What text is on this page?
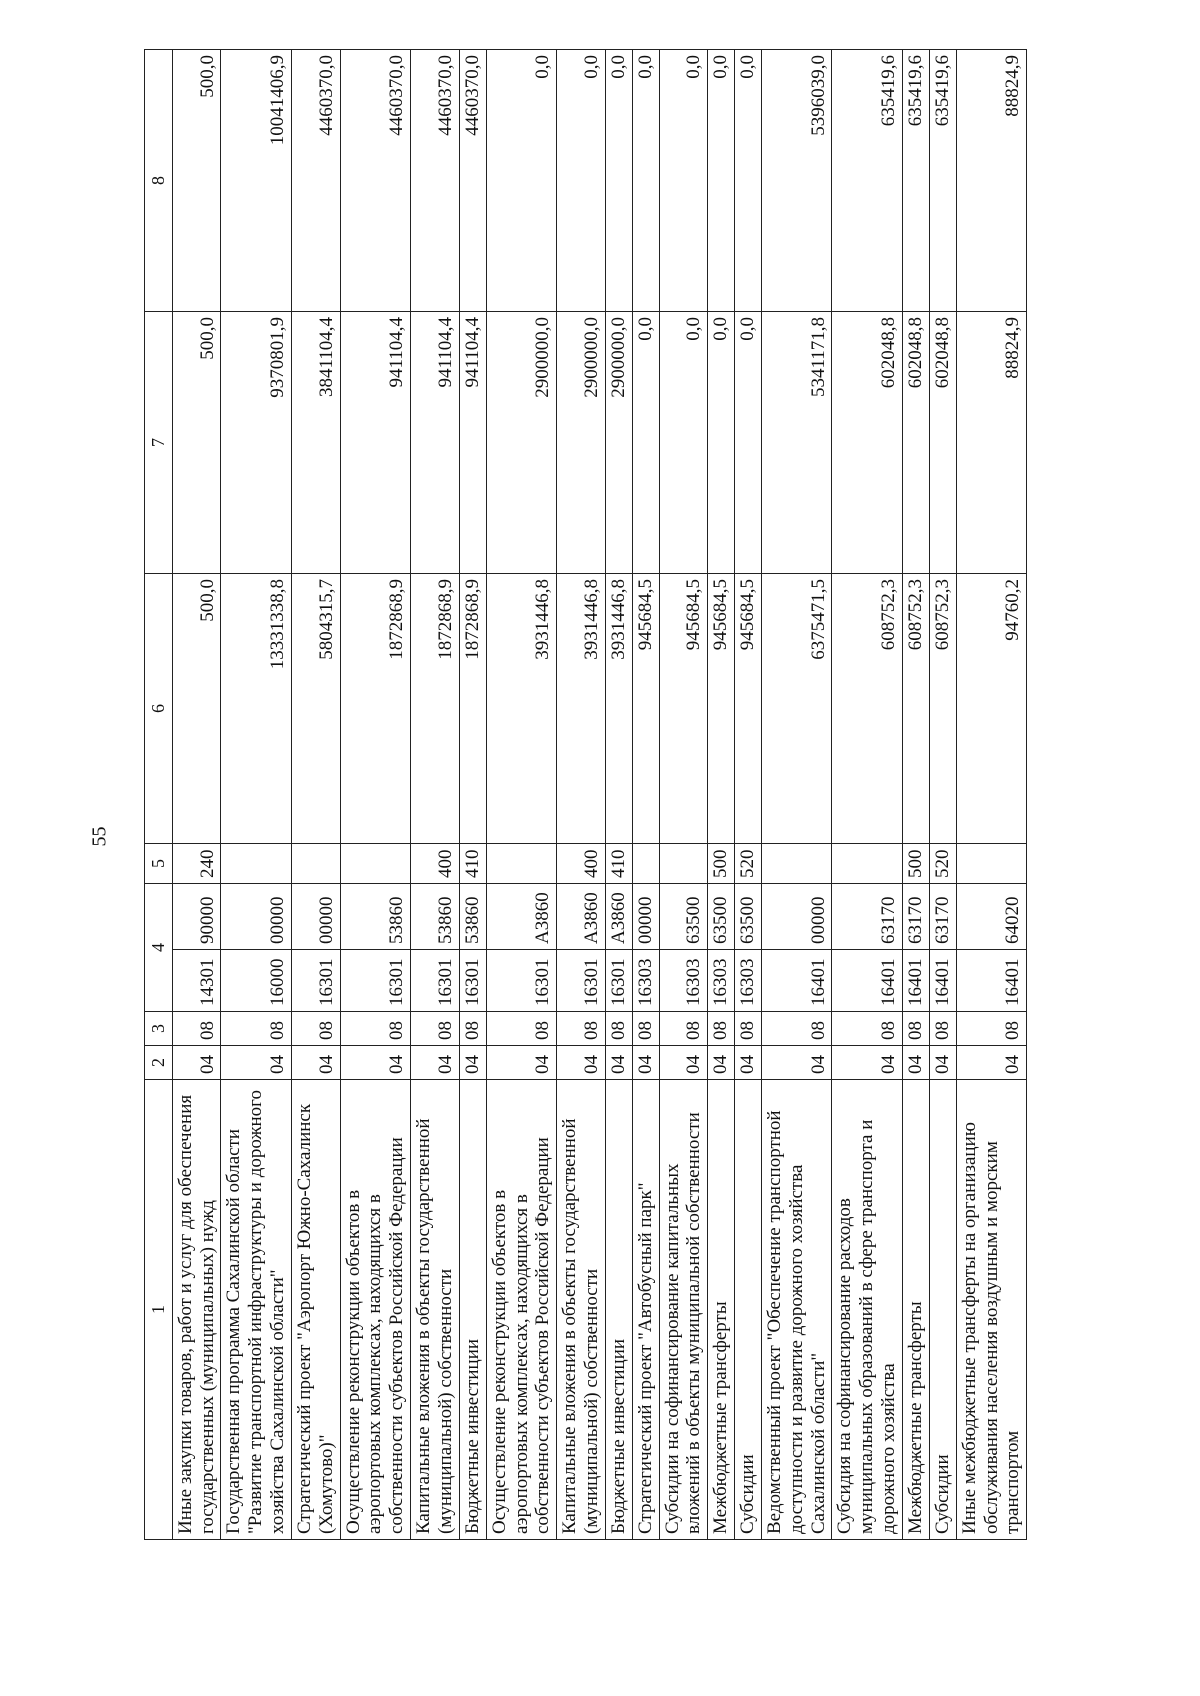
55
1	2	3	4		5	6	7	8
Иные закупки товаров, работ и услуг для обеспечения государственных (муниципальных) нужд	04	08	14301	90000	240	500,0	500,0	500,0
Государственная программа Сахалинской области "Развитие транспортной инфраструктуры и дорожного хозяйства Сахалинской области"	04	08	16000	00000		13331338,8	9370801,9	10041406,9
Стратегический проект "Аэропорт Южно-Сахалинск (Хомутово)"	04	08	16301	00000		5804315,7	3841104,4	4460370,0
Осуществление реконструкции объектов в аэропортовых комплексах, находящихся в собственности субъектов Российской Федерации	04	08	16301	53860		1872868,9	941104,4	4460370,0
Капитальные вложения в объекты государственной (муниципальной) собственности	04	08	16301	53860	400	1872868,9	941104,4	4460370,0
Бюджетные инвестиции	04	08	16301	53860	410	1872868,9	941104,4	4460370,0
Осуществление реконструкции объектов в аэропортовых комплексах, находящихся в собственности субъектов Российской Федерации	04	08	16301	А3860		3931446,8	2900000,0	0,0
Капитальные вложения в объекты государственной (муниципальной) собственности	04	08	16301	А3860	400	3931446,8	2900000,0	0,0
Бюджетные инвестиции	04	08	16301	А3860	410	3931446,8	2900000,0	0,0
Стратегический проект "Автобусный парк"	04	08	16303	00000		945684,5	0,0	0,0
Субсидии на софинансирование капитальных вложений в объекты муниципальной собственности	04	08	16303	63500		945684,5	0,0	0,0
Межбюджетные трансферты	04	08	16303	63500	500	945684,5	0,0	0,0
Субсидии	04	08	16303	63500	520	945684,5	0,0	0,0
Ведомственный проект "Обеспечение транспортной доступности и развитие дорожного хозяйства Сахалинской области"	04	08	16401	00000		6375471,5	5341171,8	5396039,0
Субсидия на софинансирование расходов муниципальных образований в сфере транспорта и дорожного хозяйства	04	08	16401	63170		608752,3	602048,8	635419,6
Межбюджетные трансферты	04	08	16401	63170	500	608752,3	602048,8	635419,6
Субсидии	04	08	16401	63170	520	608752,3	602048,8	635419,6
Иные межбюджетные трансферты на организацию обслуживания населения воздушным и морским транспортом	04	08	16401	64020		94760,2	88824,9	88824,9
